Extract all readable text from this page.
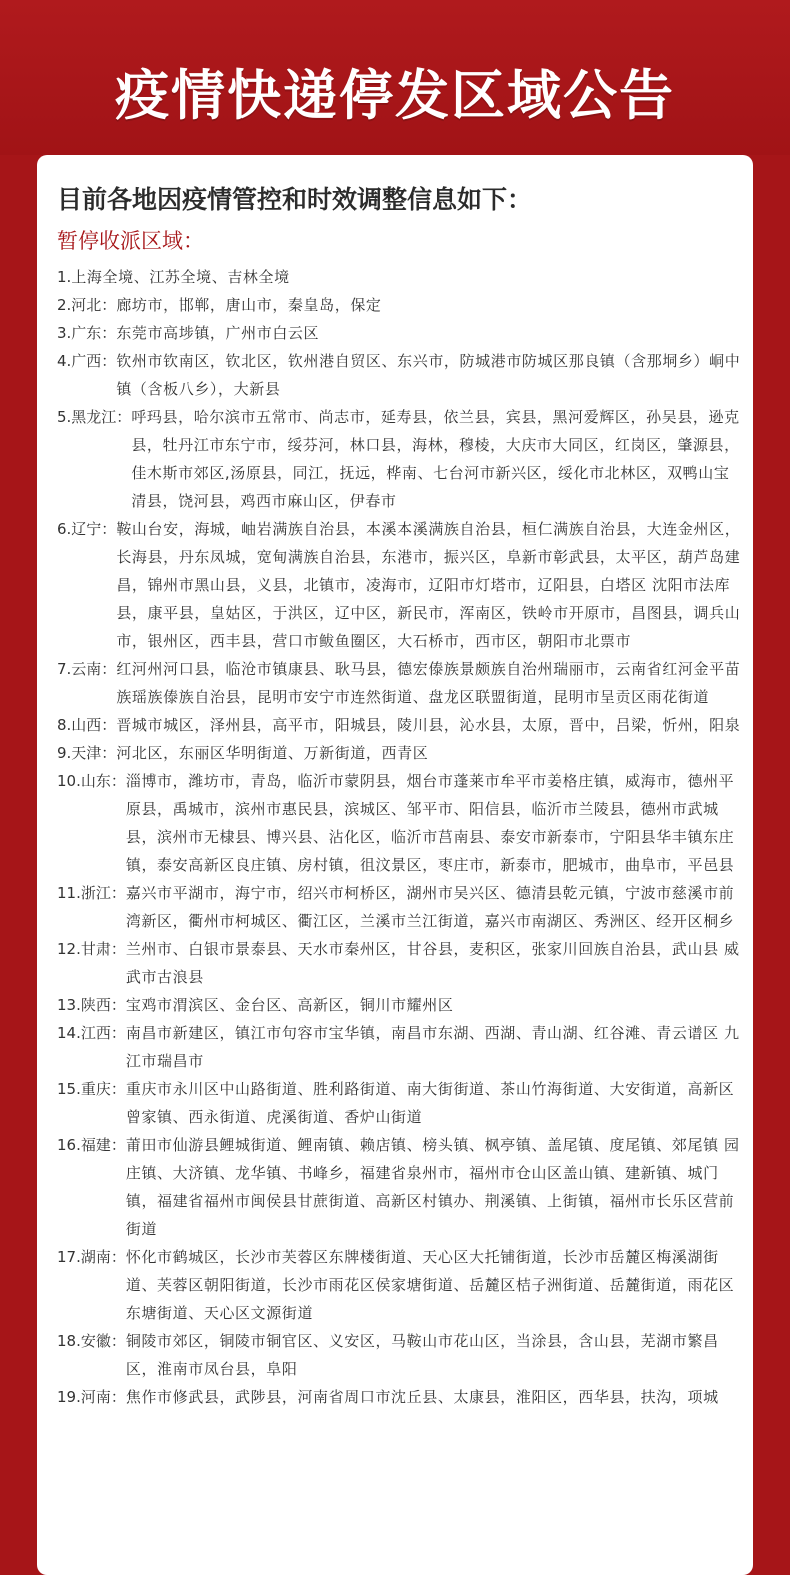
疫情快递停发区域公告
目前各地因疫情管控和时效调整信息如下：
暂停收派区域：
1. 上海全境、江苏全境、吉林全境
2.河北： 廊坊市，邯郸，唐山市，秦皇岛，保定
3.广东： 东莞市高埗镇，广州市白云区
4.广西： 钦州市钦南区，钦北区，钦州港自贸区、东兴市，防城港市防城区那良镇（含那垌乡）峒中镇（含板八乡），大新县
5.黑龙江： 呼玛县，哈尔滨市五常市、尚志市，延寿县，依兰县，宾县，黑河爱辉区，孙吴县，逊克县，牡丹江市东宁市，绥芬河，林口县，海林，穆棱，大庆市大同区，红岗区，肇源县，佳木斯市郊区,汤原县，同江，抚远，桦南、七台河市新兴区，绥化市北林区，双鸭山宝清县，饶河县，鸡西市麻山区，伊春市
6.辽宁： 鞍山台安，海城，岫岩满族自治县，本溪本溪满族自治县，桓仁满族自治县，大连金州区，长海县，丹东凤城，宽甸满族自治县，东港市，振兴区，阜新市彰武县，太平区，葫芦岛建昌，锦州市黑山县，义县，北镇市，凌海市，辽阳市灯塔市，辽阳县，白塔区 沈阳市法库县，康平县，皇姑区，于洪区，辽中区，新民市，浑南区，铁岭市开原市，昌图县，调兵山市，银州区，西丰县，营口市鲅鱼圈区，大石桥市，西市区，朝阳市北票市
7.云南： 红河州河口县，临沧市镇康县、耿马县，德宏傣族景颇族自治州瑞丽市，云南省红河金平苗族瑶族傣族自治县，昆明市安宁市连然街道、盘龙区联盟街道，昆明市呈贡区雨花街道
8.山西： 晋城市城区，泽州县，高平市，阳城县，陵川县，沁水县，太原，晋中，吕梁，忻州，阳泉
9.天津： 河北区，东丽区华明街道、万新街道，西青区
10.山东： 淄博市，潍坊市，青岛，临沂市蒙阴县，烟台市蓬莱市牟平市姜格庄镇，威海市，德州平原县，禹城市，滨州市惠民县，滨城区、邹平市、阳信县，临沂市兰陵县，德州市武城县，滨州市无棣县、博兴县、沾化区，临沂市莒南县、泰安市新泰市，宁阳县华丰镇东庄镇，泰安高新区良庄镇、房村镇，徂汶景区，枣庄市，新泰市，肥城市，曲阜市，平邑县
11.浙江： 嘉兴市平湖市，海宁市，绍兴市柯桥区，湖州市吴兴区、德清县乾元镇，宁波市慈溪市前湾新区，衢州市柯城区、衢江区，兰溪市兰江街道，嘉兴市南湖区、秀洲区、经开区桐乡
12.甘肃： 兰州市、白银市景泰县、天水市秦州区，甘谷县，麦积区，张家川回族自治县，武山县 威武市古浪县
13.陕西： 宝鸡市渭滨区、金台区、高新区，铜川市耀州区
14.江西： 南昌市新建区，镇江市句容市宝华镇，南昌市东湖、西湖、青山湖、红谷滩、青云谱区 九江市瑞昌市
15.重庆： 重庆市永川区中山路街道、胜利路街道、南大街街道、茶山竹海街道、大安街道，高新区曾家镇、西永街道、虎溪街道、香炉山街道
16.福建： 莆田市仙游县鲤城街道、鲤南镇、赖店镇、榜头镇、枫亭镇、盖尾镇、度尾镇、郊尾镇 园庄镇、大济镇、龙华镇、书峰乡，福建省泉州市，福州市仓山区盖山镇、建新镇、城门镇，福建省福州市闽侯县甘蔗街道、高新区村镇办、荆溪镇、上街镇，福州市长乐区营前街道
17.湖南： 怀化市鹤城区，长沙市芙蓉区东牌楼街道、天心区大托铺街道，长沙市岳麓区梅溪湖街道、芙蓉区朝阳街道，长沙市雨花区侯家塘街道、岳麓区桔子洲街道、岳麓街道，雨花区东塘街道、天心区文源街道
18.安徽： 铜陵市郊区，铜陵市铜官区、义安区，马鞍山市花山区，当涂县，含山县，芜湖市繁昌区，淮南市凤台县，阜阳
19.河南： 焦作市修武县，武陟县，河南省周口市沈丘县、太康县，淮阳区，西华县，扶沟，项城
